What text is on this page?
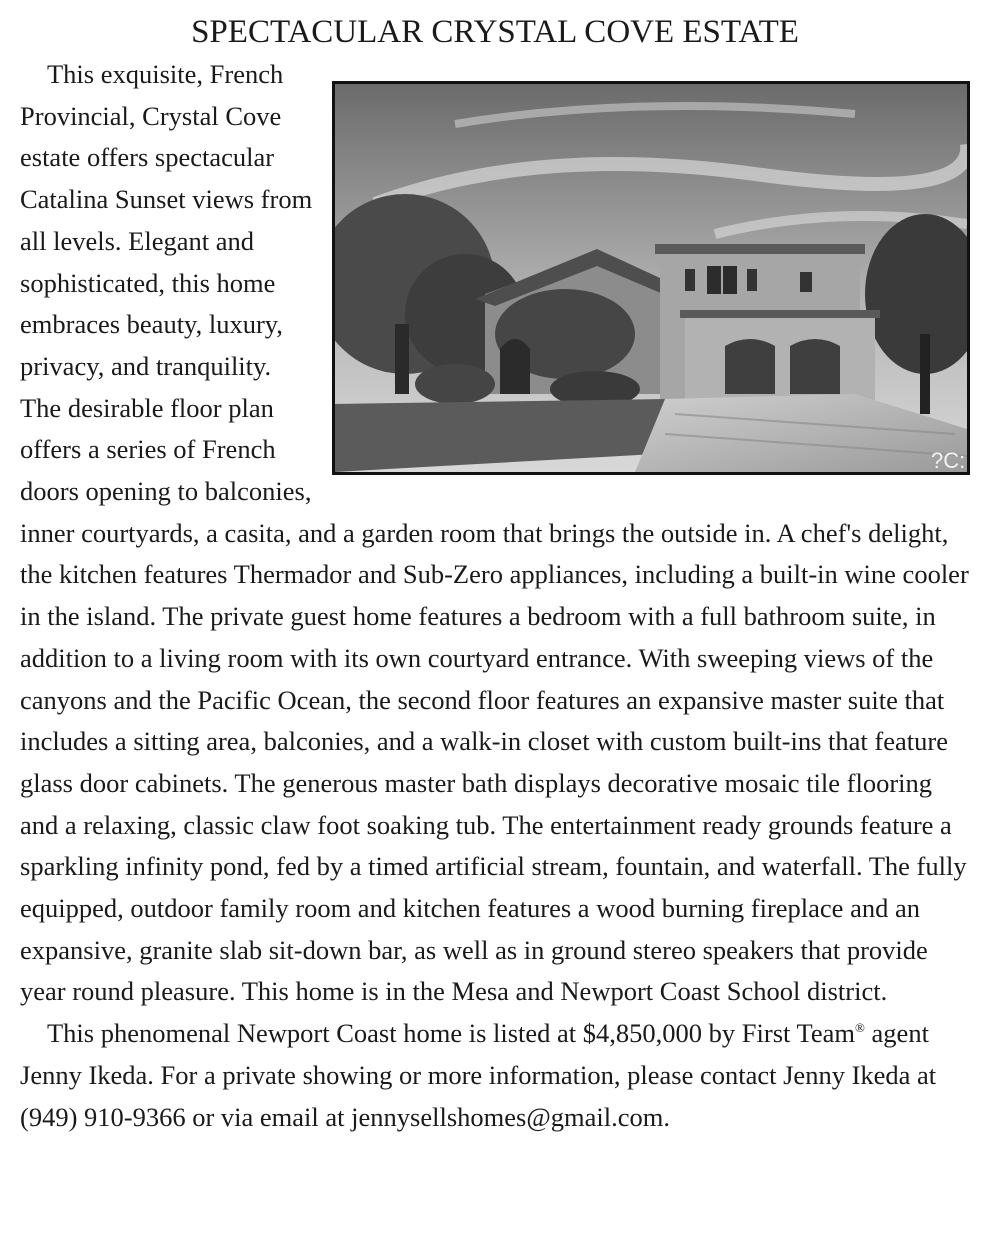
SPECTACULAR CRYSTAL COVE ESTATE
?C:

This exquisite, French Provincial, Crystal Cove estate offers spectacular Catalina Sunset views from all levels. Elegant and sophisticated, this home embraces beauty, luxury, privacy, and tranquility. The desirable floor plan offers a series of French doors opening to balconies, inner courtyards, a casita, and a garden room that brings the outside in. A chef's delight, the kitchen features Thermador and Sub-Zero appliances, including a built-in wine cooler in the island. The private guest home features a bedroom with a full bathroom suite, in addition to a living room with its own courtyard entrance. With sweeping views of the canyons and the Pacific Ocean, the second floor features an expansive master suite that includes a sitting area, balconies, and a walk-in closet with custom built-ins that feature glass door cabinets. The generous master bath displays decorative mosaic tile flooring and a relaxing, classic claw foot soaking tub. The entertainment ready grounds feature a sparkling infinity pond, fed by a timed artificial stream, fountain, and waterfall. The fully equipped, outdoor family room and kitchen features a wood burning fireplace and an expansive, granite slab sit-down bar, as well as in ground stereo speakers that provide year round pleasure. This home is in the Mesa and Newport Coast School district.

This phenomenal Newport Coast home is listed at $4,850,000 by First Team® agent Jenny Ikeda. For a private showing or more information, please contact Jenny Ikeda at (949) 910-9366 or via email at jennysellshomes@gmail.com.
